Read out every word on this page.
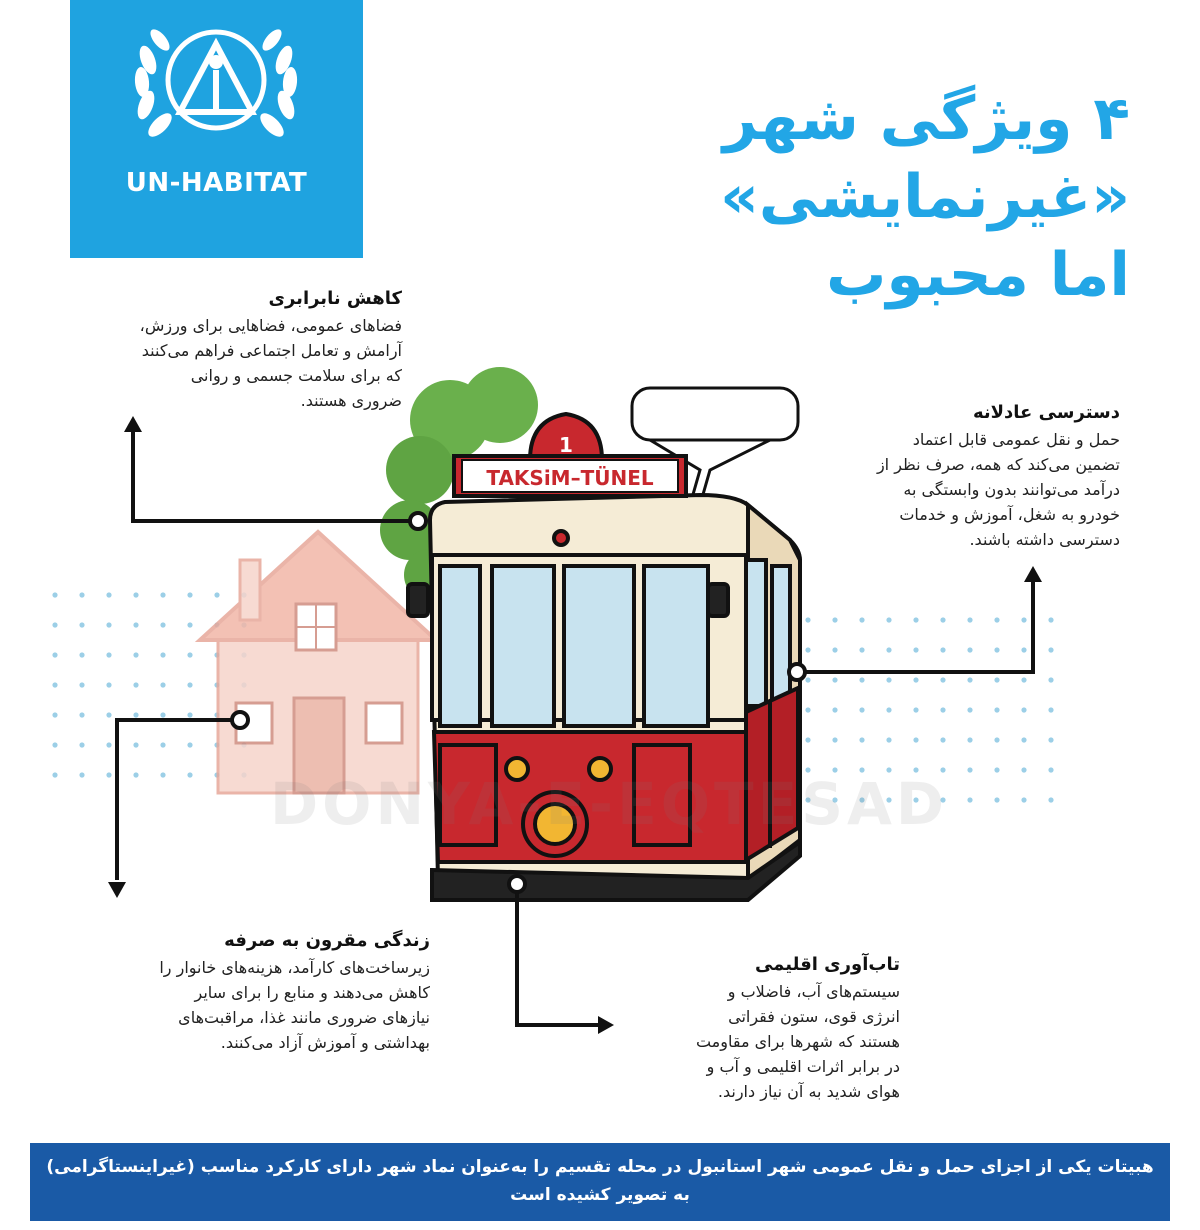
UN-HABITAT
۴ ویژگی شهر «غیرنمایشی»
اما محبوب
1
TAKSiM–TÜNEL
DONYA-E-EQTESAD
کاهش نابرابری

فضاهای عمومی، فضاهایی برای ورزش،

آرامش و تعامل اجتماعی فراهم می‌کنند

که برای سلامت جسمی و روانی

ضروری هستند.

دسترسی عادلانه

حمل و نقل عمومی قابل اعتماد

تضمین می‌کند که همه، صرف نظر از

درآمد می‌توانند بدون وابستگی به

خودرو به شغل، آموزش و خدمات

دسترسی داشته باشند.

زندگی مقرون به صرفه

زیرساخت‌های کارآمد، هزینه‌های خانوار را

کاهش می‌دهند و منابع را برای سایر

نیازهای ضروری مانند غذا، مراقبت‌های

بهداشتی و آموزش آزاد می‌کنند.

تاب‌آوری اقلیمی

سیستم‌های آب، فاضلاب و

انرژی قوی، ستون فقراتی

هستند که شهرها برای مقاومت

در برابر اثرات اقلیمی و آب و

هوای شدید به آن نیاز دارند.

هبیتات یکی از اجزای حمل و نقل عمومی شهر استانبول در محله تقسیم را به‌عنوان نماد شهر دارای کارکرد مناسب (غیراینستاگرامی)
به تصویر کشیده است
